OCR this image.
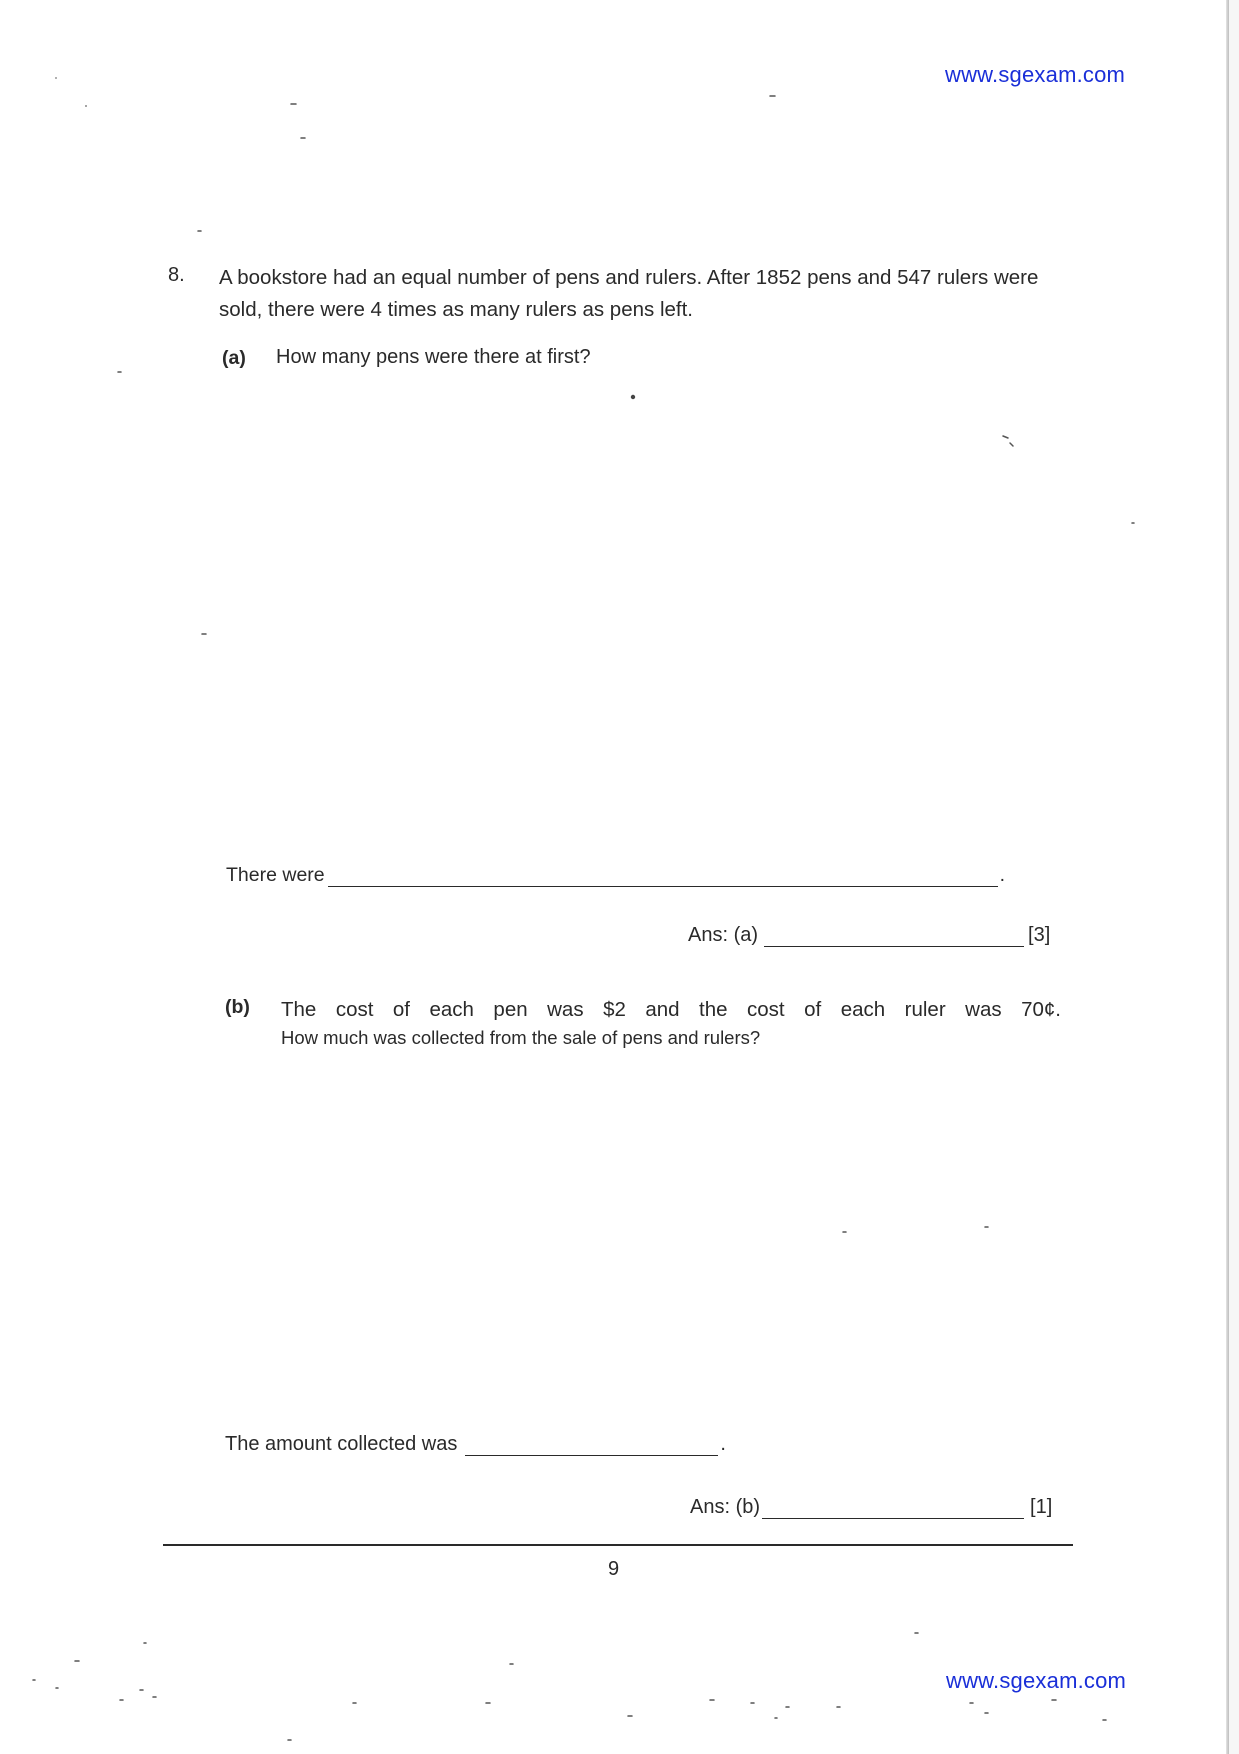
www.sgexam.com
8. A bookstore had an equal number of pens and rulers. After 1852 pens and 547 rulers were sold, there were 4 times as many rulers as pens left.
(a) How many pens were there at first?
There were	.
Ans: (a)	[3]
(b) The cost of each pen was $2 and the cost of each ruler was 70¢.
How much was collected from the sale of pens and rulers?
The amount collected was	.
Ans: (b)	[1]
9
www.sgexam.com
